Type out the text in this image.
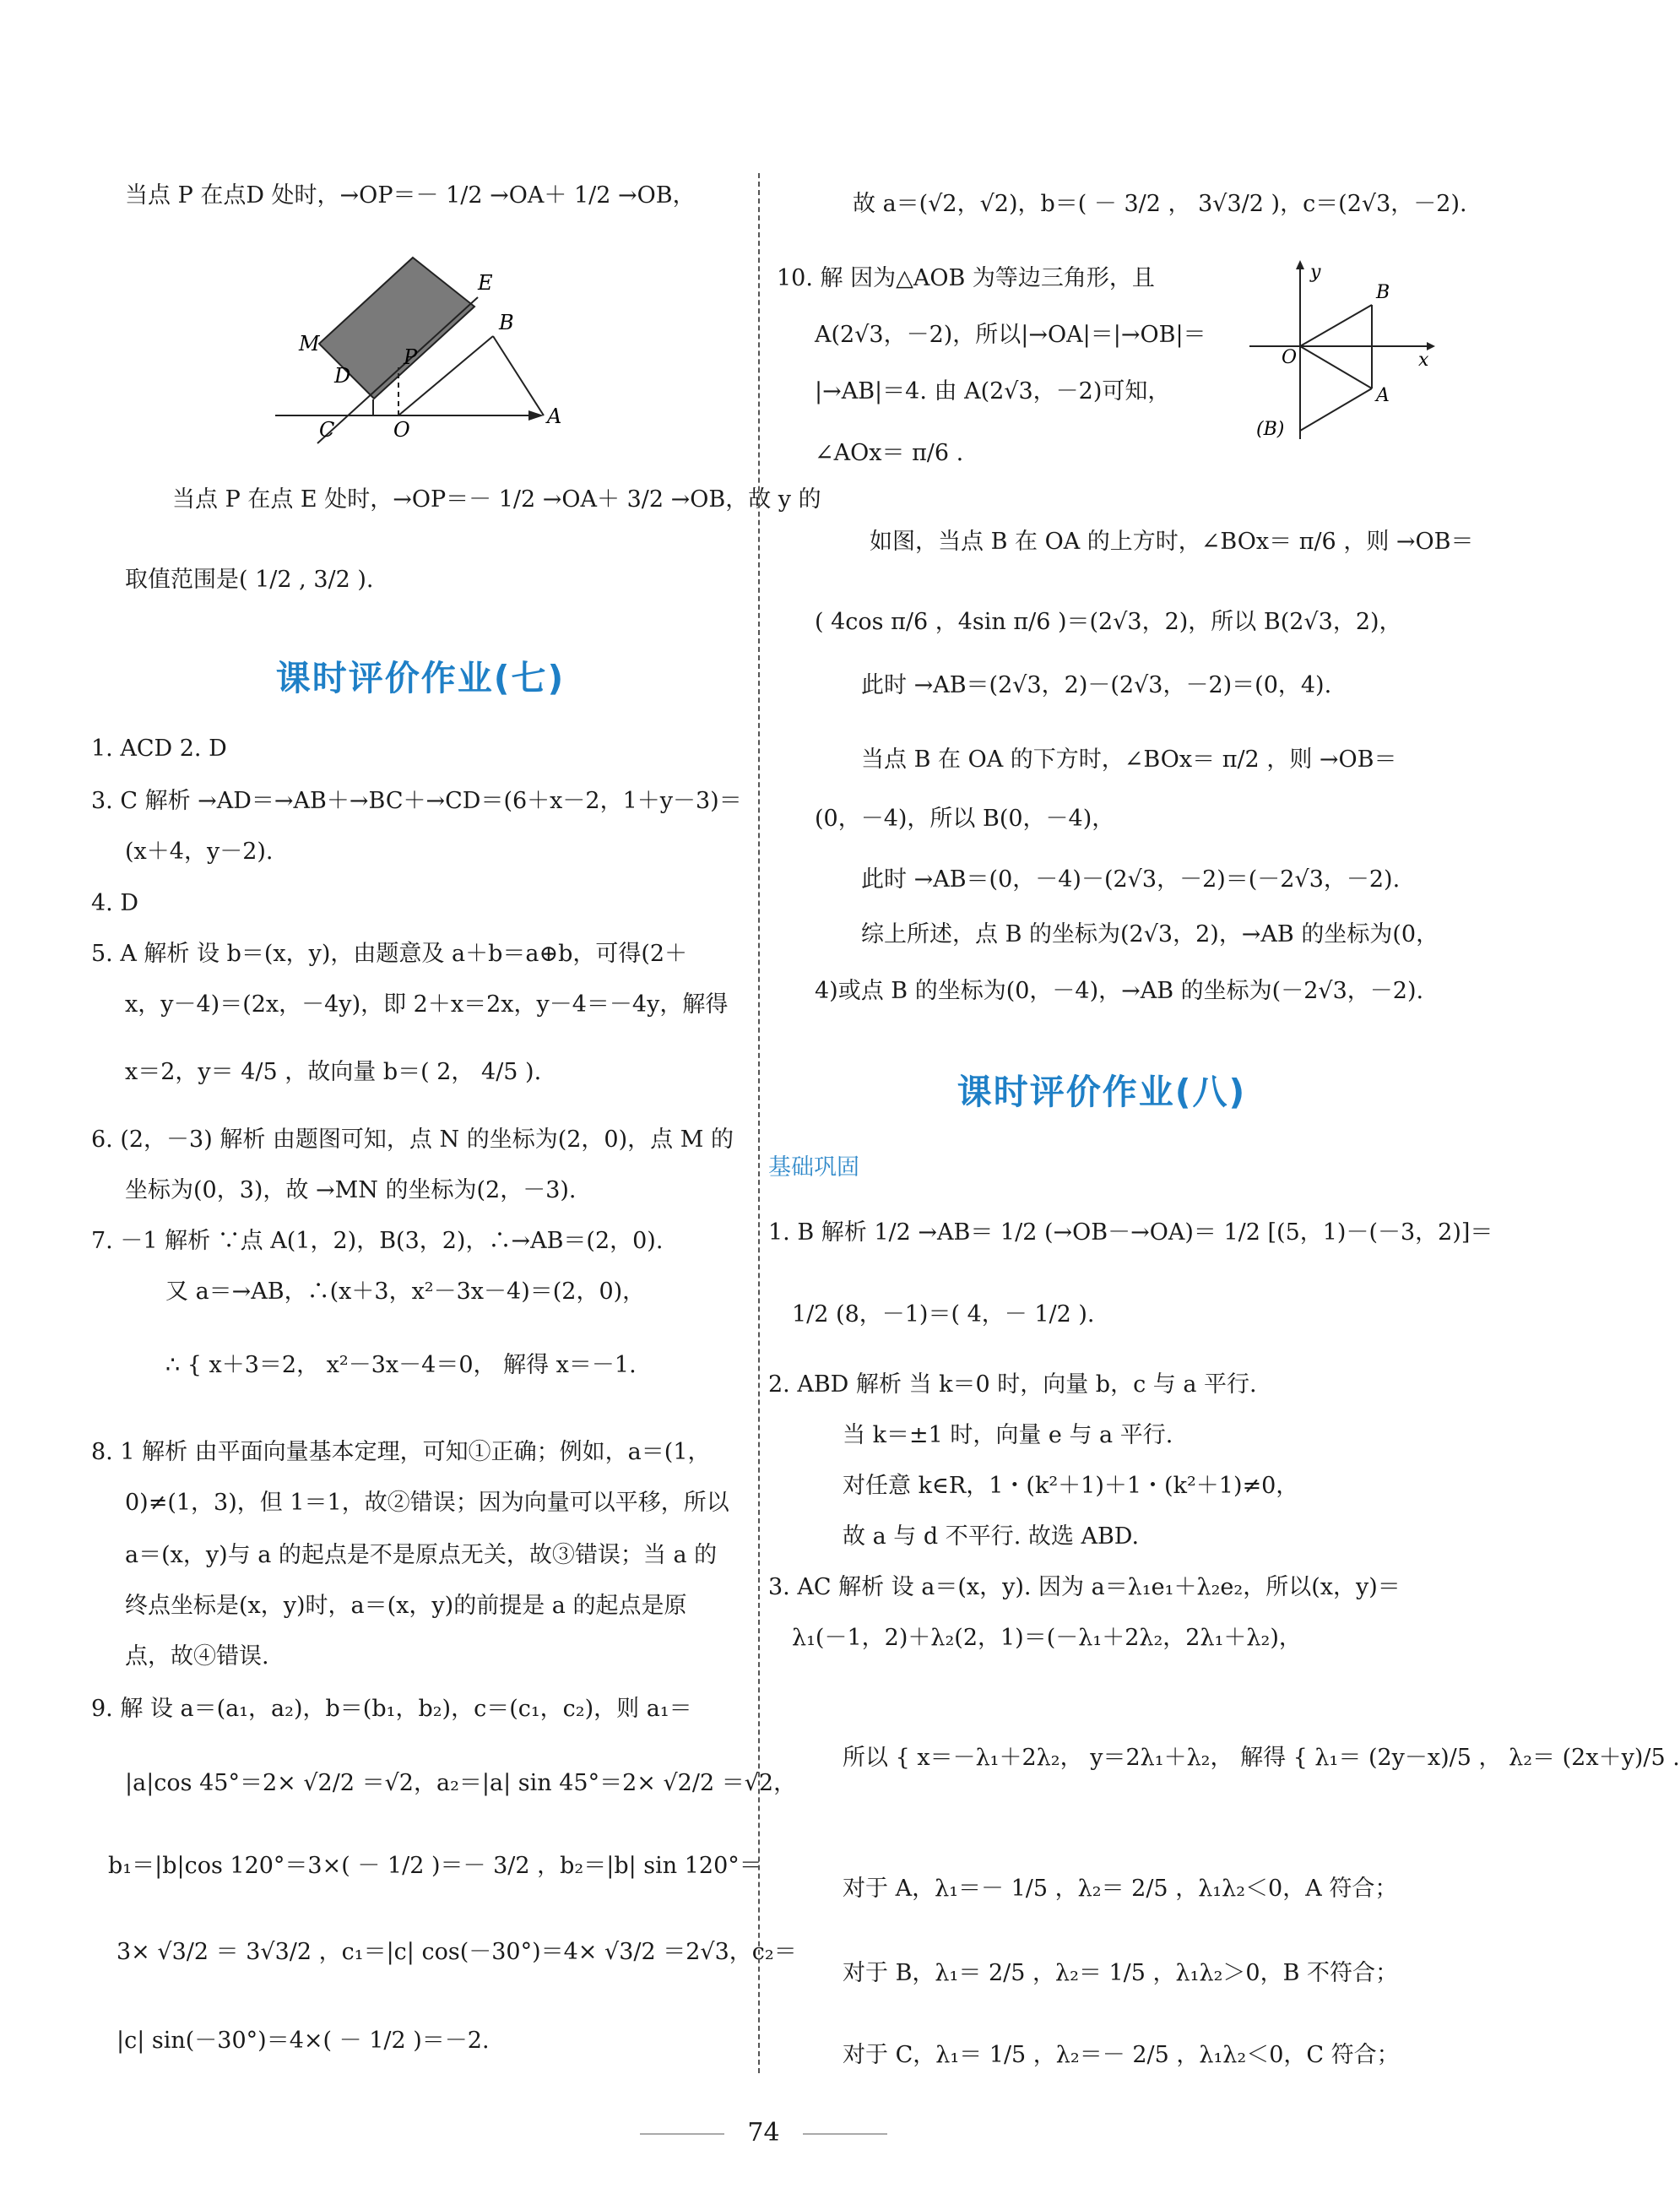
当点 P 在点D 处时，→OP＝－ 1/2 →OA＋ 1/2 →OB，
E
B
M
P
D
C	O
A
当点 P 在点 E 处时，→OP＝－ 1/2 →OA＋ 3/2 →OB，故 y 的
取值范围是( 1/2 , 3/2 ).
课时评价作业(七)
1. ACD 2. D
3. C 解析 →AD＝→AB＋→BC＋→CD＝(6＋x－2，1＋y－3)＝
(x＋4，y－2).
4. D
5. A 解析 设 b＝(x，y)，由题意及 a＋b＝a⊕b，可得(2＋
x，y－4)＝(2x，－4y)，即 2＋x＝2x，y－4＝－4y，解得
x＝2，y＝ 4/5 ，故向量 b＝( 2， 4/5 ).
6. (2，－3) 解析 由题图可知，点 N 的坐标为(2，0)，点 M 的
坐标为(0，3)，故 →MN 的坐标为(2，－3).
7. －1 解析 ∵点 A(1，2)，B(3，2)，∴→AB＝(2，0).
又 a＝→AB，∴(x＋3，x²－3x－4)＝(2，0)，
∴ { x＋3＝2， x²－3x－4＝0， 解得 x＝－1.
8. 1 解析 由平面向量基本定理，可知①正确；例如，a＝(1，
0)≠(1，3)，但 1＝1，故②错误；因为向量可以平移，所以
a＝(x，y)与 a 的起点是不是原点无关，故③错误；当 a 的
终点坐标是(x，y)时，a＝(x，y)的前提是 a 的起点是原
点，故④错误.
9. 解 设 a＝(a₁，a₂)，b＝(b₁，b₂)，c＝(c₁，c₂)，则 a₁＝
|a|cos 45°＝2× √2/2 ＝√2，a₂＝|a| sin 45°＝2× √2/2 ＝√2，
b₁＝|b|cos 120°＝3×( － 1/2 )＝－ 3/2 ，b₂＝|b| sin 120°＝
3× √3/2 ＝ 3√3/2 ，c₁＝|c| cos(－30°)＝4× √3/2 ＝2√3，c₂＝
|c| sin(－30°)＝4×( － 1/2 )＝－2.
故 a＝(√2，√2)，b＝( － 3/2 ， 3√3/2 )，c＝(2√3，－2).
10. 解 因为△AOB 为等边三角形，且
A(2√3，－2)，所以|→OA|＝|→OB|＝
|→AB|＝4. 由 A(2√3，－2)可知，
∠AOx＝ π/6 .
y
B
O	x
A
(B)
如图，当点 B 在 OA 的上方时，∠BOx＝ π/6 ，则 →OB＝
( 4cos π/6 ，4sin π/6 )＝(2√3，2)，所以 B(2√3，2)，
此时 →AB＝(2√3，2)－(2√3，－2)＝(0，4).
当点 B 在 OA 的下方时，∠BOx＝ π/2 ，则 →OB＝
(0，－4)，所以 B(0，－4)，
此时 →AB＝(0，－4)－(2√3，－2)＝(－2√3，－2).
综上所述，点 B 的坐标为(2√3，2)，→AB 的坐标为(0，
4)或点 B 的坐标为(0，－4)，→AB 的坐标为(－2√3，－2).
课时评价作业(八)
基础巩固
1. B 解析 1/2 →AB＝ 1/2 (→OB－→OA)＝ 1/2 [(5，1)－(－3，2)]＝
1/2 (8，－1)＝( 4，－ 1/2 ).
2. ABD 解析 当 k＝0 时，向量 b，c 与 a 平行.
当 k＝±1 时，向量 e 与 a 平行.
对任意 k∈R，1・(k²＋1)＋1・(k²＋1)≠0，
故 a 与 d 不平行. 故选 ABD.
3. AC 解析 设 a＝(x，y). 因为 a＝λ₁e₁＋λ₂e₂，所以(x，y)＝
λ₁(－1，2)＋λ₂(2，1)＝(－λ₁＋2λ₂，2λ₁＋λ₂)，
所以 { x＝－λ₁＋2λ₂， y＝2λ₁＋λ₂， 解得 { λ₁＝ (2y－x)/5 ， λ₂＝ (2x＋y)/5 .
对于 A，λ₁＝－ 1/5 ，λ₂＝ 2/5 ，λ₁λ₂＜0，A 符合；
对于 B，λ₁＝ 2/5 ，λ₂＝ 1/5 ，λ₁λ₂＞0，B 不符合；
对于 C，λ₁＝ 1/5 ，λ₂＝－ 2/5 ，λ₁λ₂＜0，C 符合；
74
